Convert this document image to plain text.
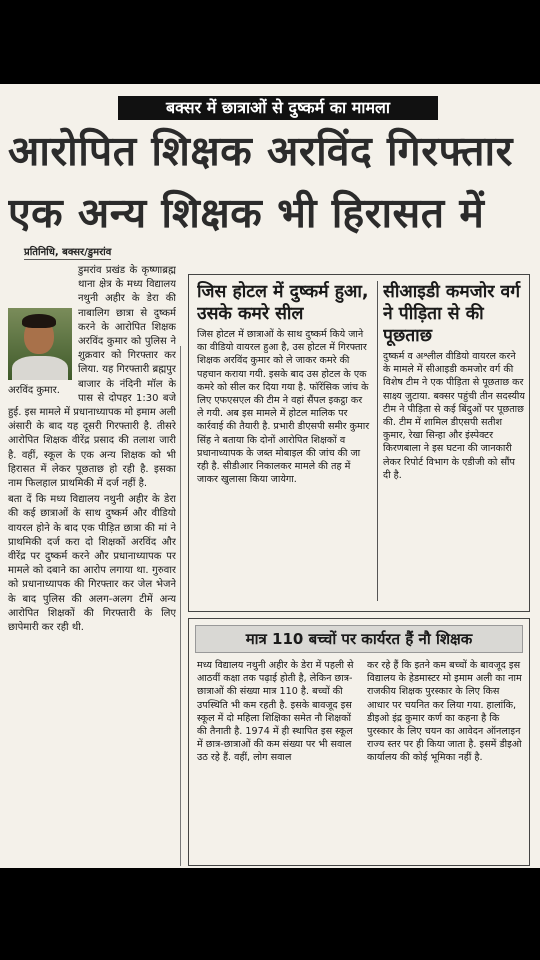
बक्सर में छात्राओं से दुष्कर्म का मामला
आरोपित शिक्षक अरविंद गिरफ्तार
एक अन्य शिक्षक भी हिरासत में
प्रतिनिधि, बक्सर/डुमरांव
अरविंद कुमार.

डुमरांव प्रखंड के कृष्णाब्रह्म थाना क्षेत्र के मध्य विद्यालय नथुनी अहीर के डेरा की नाबालिग छात्रा से दुष्कर्म करने के आरोपित शिक्षक अरविंद कुमार को पुलिस ने शुक्रवार को गिरफ्तार कर लिया. यह गिरफ्तारी ब्रह्मपुर बाजार के नंदिनी मॉल के पास से दोपहर 1:30 बजे हुई. इस मामले में प्रधानाध्यापक मो इमाम अली अंसारी के बाद यह दूसरी गिरफ्तारी है. तीसरे आरोपित शिक्षक वीरेंद्र प्रसाद की तलाश जारी है. वहीं, स्कूल के एक अन्य शिक्षक को भी हिरासत में लेकर पूछताछ हो रही है. इसका नाम फिलहाल प्राथमिकी में दर्ज नहीं है.

बता दें कि मध्य विद्यालय नथुनी अहीर के डेरा की कई छात्राओं के साथ दुष्कर्म और वीडियो वायरल होने के बाद एक पीड़ित छात्रा की मां ने प्राथमिकी दर्ज करा दो शिक्षकों अरविंद और वीरेंद्र पर दुष्कर्म करने और प्रधानाध्यापक पर मामले को दबाने का आरोप लगाया था. गुरुवार को प्रधानाध्यापक की गिरफ्तार कर जेल भेजने के बाद पुलिस की अलग-अलग टीमें अन्य आरोपित शिक्षकों की गिरफ्तारी के लिए छापेमारी कर रही थी.

जिस होटल में दुष्कर्म हुआ, उसके कमरे सील
जिस होटल में छात्राओं के साथ दुष्कर्म किये जाने का वीडियो वायरल हुआ है, उस होटल में गिरफ्तार शिक्षक अरविंद कुमार को ले जाकर कमरे की पहचान कराया गयी. इसके बाद उस होटल के एक कमरे को सील कर दिया गया है. फॉरेंसिक जांच के लिए एफएसएल की टीम ने वहां सैंपल इकट्ठा कर ले गयी. अब इस मामले में होटल मालिक पर कार्रवाई की तैयारी है. प्रभारी डीएसपी समीर कुमार सिंह ने बताया कि दोनों आरोपित शिक्षकों व प्रधानाध्यापक के जब्त मोबाइल की जांच की जा रही है. सीडीआर निकालकर मामले की तह में जाकर खुलासा किया जायेगा.
सीआइडी कमजोर वर्ग ने पीड़िता से की पूछताछ
दुष्कर्म व अश्लील वीडियो वायरल करने के मामले में सीआइडी कमजोर वर्ग की विशेष टीम ने एक पीड़िता से पूछताछ कर साक्ष्य जुटाया. बक्सर पहुंची तीन सदस्यीय टीम ने पीड़िता से कई बिंदुओं पर पूछताछ की. टीम में शामिल डीएसपी सतीश कुमार, रेखा सिन्हा और इंस्पेक्टर किरणबाला ने इस घटना की जानकारी लेकर रिपोर्ट विभाग के एडीजी को सौंप दी है.
मात्र 110 बच्चों पर कार्यरत हैं नौ शिक्षक
मध्य विद्यालय नथुनी अहीर के डेरा में पहली से आठवीं कक्षा तक पढ़ाई होती है, लेकिन छात्र-छात्राओं की संख्या मात्र 110 है. बच्चों की उपस्थिति भी कम रहती है. इसके बावजूद इस स्कूल में दो महिला शिक्षिका समेत नौ शिक्षकों की तैनाती है. 1974 में ही स्थापित इस स्कूल में छात्र-छात्राओं की कम संख्या पर भी सवाल उठ रहे हैं. वहीं, लोग सवाल
कर रहे हैं कि इतने कम बच्चों के बावजूद इस विद्यालय के हेडमास्टर मो इमाम अली का नाम राजकीय शिक्षक पुरस्कार के लिए किस आधार पर चयनित कर लिया गया. हालांकि, डीइओ इंद्र कुमार कर्ण का कहना है कि पुरस्कार के लिए चयन का आवेदन ऑनलाइन राज्य स्तर पर ही किया जाता है. इसमें डीइओ कार्यालय की कोई भूमिका नहीं है.
